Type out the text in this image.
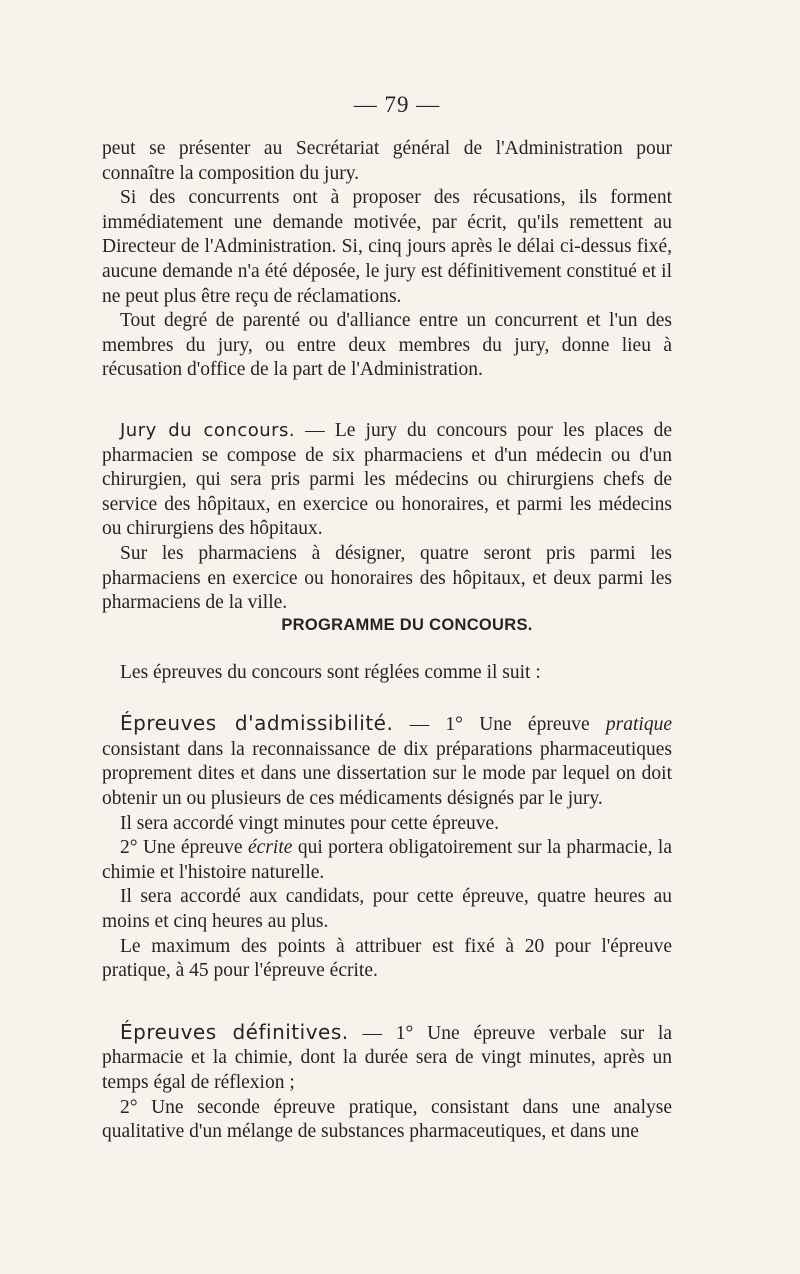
— 79 —

peut se présenter au Secrétariat général de l'Administration pour connaître la composition du jury.

Si des concurrents ont à proposer des récusations, ils forment immédiatement une demande motivée, par écrit, qu'ils remettent au Directeur de l'Administration. Si, cinq jours après le délai ci-dessus fixé, aucune demande n'a été déposée, le jury est définitivement constitué et il ne peut plus être reçu de réclamations.

Tout degré de parenté ou d'alliance entre un concurrent et l'un des membres du jury, ou entre deux membres du jury, donne lieu à récusation d'office de la part de l'Administration.

Jury du concours. — Le jury du concours pour les places de pharmacien se compose de six pharmaciens et d'un médecin ou d'un chirurgien, qui sera pris parmi les médecins ou chirurgiens chefs de service des hôpitaux, en exercice ou honoraires, et parmi les médecins ou chirurgiens des hôpitaux.

Sur les pharmaciens à désigner, quatre seront pris parmi les pharmaciens en exercice ou honoraires des hôpitaux, et deux parmi les pharmaciens de la ville.

PROGRAMME DU CONCOURS.

Les épreuves du concours sont réglées comme il suit :

Épreuves d'admissibilité. — 1° Une épreuve pratique consistant dans la reconnaissance de dix préparations pharmaceutiques proprement dites et dans une dissertation sur le mode par lequel on doit obtenir un ou plusieurs de ces médicaments désignés par le jury.

Il sera accordé vingt minutes pour cette épreuve.

2° Une épreuve écrite qui portera obligatoirement sur la pharmacie, la chimie et l'histoire naturelle.

Il sera accordé aux candidats, pour cette épreuve, quatre heures au moins et cinq heures au plus.

Le maximum des points à attribuer est fixé à 20 pour l'épreuve pratique, à 45 pour l'épreuve écrite.

Épreuves définitives. — 1° Une épreuve verbale sur la pharmacie et la chimie, dont la durée sera de vingt minutes, après un temps égal de réflexion ;

2° Une seconde épreuve pratique, consistant dans une analyse qualitative d'un mélange de substances pharmaceutiques, et dans une
